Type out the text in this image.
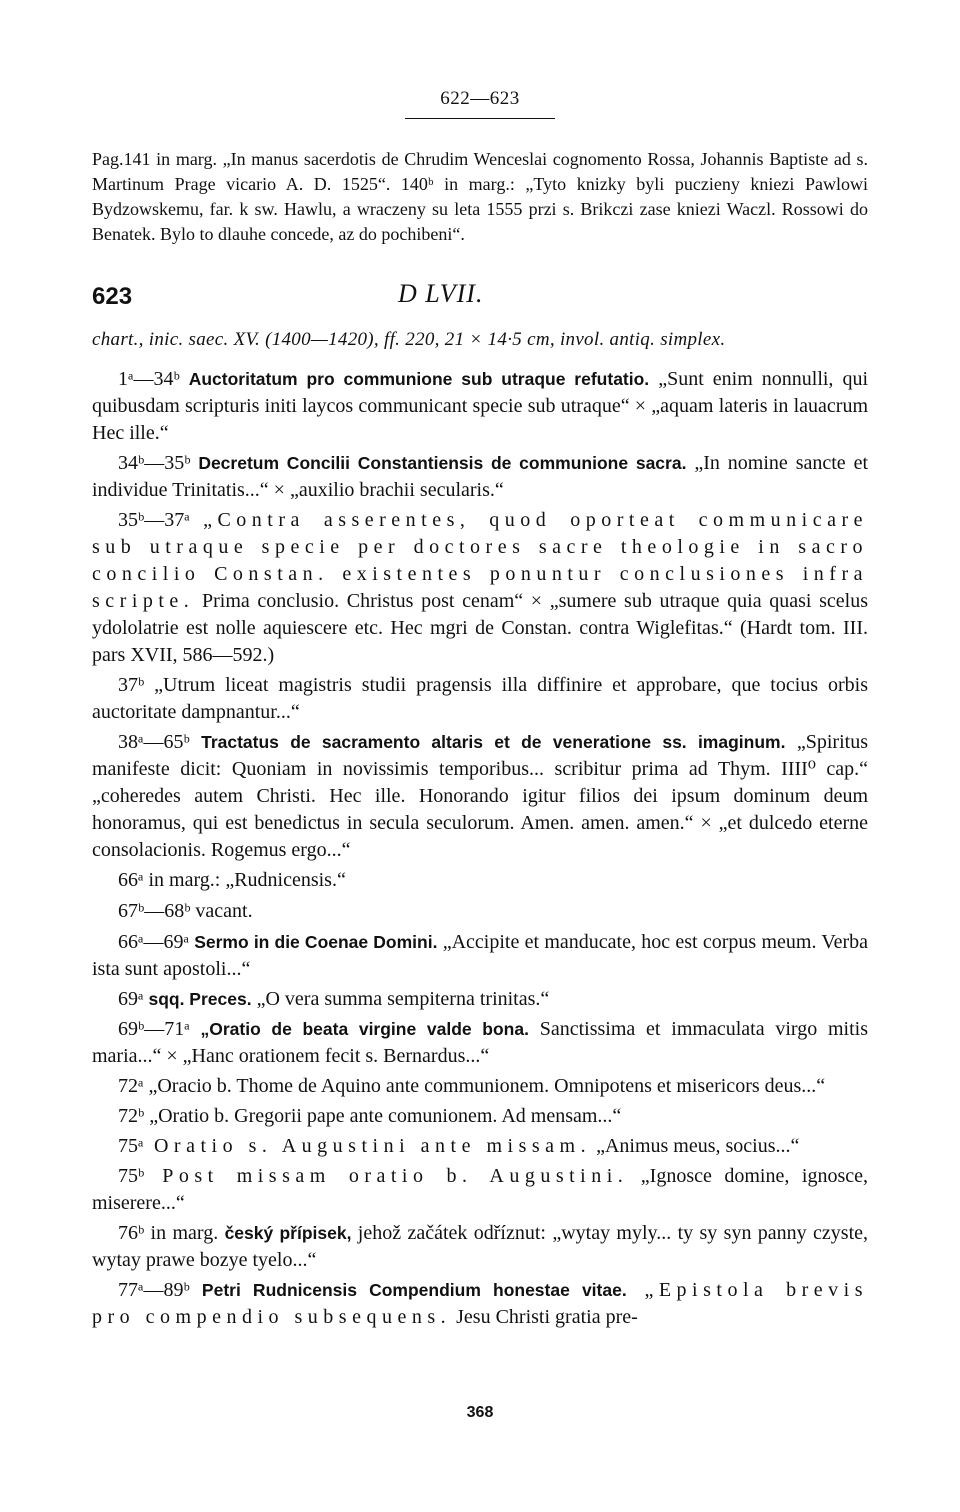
622—623

Pag.141 in marg. „In manus sacerdotis de Chrudim Wenceslai cognomento Rossa, Johannis Baptiste ad s. Martinum Prage vicario A. D. 1525“. 140ᵇ in marg.: „Tyto knizky byli puczieny kniezi Pawlowi Bydzowskemu, far. k sw. Hawlu, a wraczeny su leta 1555 przi s. Brikczi zase kniezi Waczl. Rossowi do Benatek. Bylo to dlauhe concede, az do pochibeni“.

623	D LVII.
chart., inic. saec. XV. (1400—1420), ff. 220, 21 × 14·5 cm, invol. antiq. simplex.

1ᵃ—34ᵇ Auctoritatum pro communione sub utraque refutatio. „Sunt enim nonnulli, qui quibusdam scripturis initi laycos communicant specie sub utraque“ × „aquam lateris in lauacrum Hec ille.“

34ᵇ—35ᵇ Decretum Concilii Constantiensis de communione sacra. „In nomine sancte et individue Trinitatis...“ × „auxilio brachii secularis.“

35ᵇ—37ᵃ „Contra asserentes, quod oporteat communicare sub utraque specie per doctores sacre theologie in sacro concilio Constan. existentes ponuntur conclusiones infra scripte. Prima conclusio. Christus post cenam“ × „sumere sub utraque quia quasi scelus ydololatrie est nolle aquiescere etc. Hec mgri de Constan. contra Wiglefitas.“ (Hardt tom. III. pars XVII, 586—592.)

37ᵇ „Utrum liceat magistris studii pragensis illa diffinire et approbare, que tocius orbis auctoritate dampnantur...“

38ᵃ—65ᵇ Tractatus de sacramento altaris et de veneratione ss. imaginum. „Spiritus manifeste dicit: Quoniam in novissimis temporibus... scribitur prima ad Thym. IIII⁰ cap.“ „coheredes autem Christi. Hec ille. Honorando igitur filios dei ipsum dominum deum honoramus, qui est benedictus in secula seculorum. Amen. amen. amen.“ × „et dulcedo eterne consolacionis. Rogemus ergo...“

66ᵃ in marg.: „Rudnicensis.“

67ᵇ—68ᵇ vacant.

66ᵃ—69ᵃ Sermo in die Coenae Domini. „Accipite et manducate, hoc est corpus meum. Verba ista sunt apostoli...“

69ᵃ sqq. Preces. „O vera summa sempiterna trinitas.“

69ᵇ—71ᵃ „Oratio de beata virgine valde bona. Sanctissima et immaculata virgo mitis maria...“ × „Hanc orationem fecit s. Bernardus...“

72ᵃ „Oracio b. Thome de Aquino ante communionem. Omnipotens et misericors deus...“

72ᵇ „Oratio b. Gregorii pape ante comunionem. Ad mensam...“

75ᵃ Oratio s. Augustini ante missam. „Animus meus, socius...“

75ᵇ Post missam oratio b. Augustini. „Ignosce domine, ignosce, miserere...“

76ᵇ in marg. český přípisek, jehož začátek odříznut: „wytay myly... ty sy syn panny czyste, wytay prawe bozye tyelo...“

77ᵃ—89ᵇ Petri Rudnicensis Compendium honestae vitae. „Epistola brevis pro compendio subsequens. Jesu Christi gratia pre-

368
